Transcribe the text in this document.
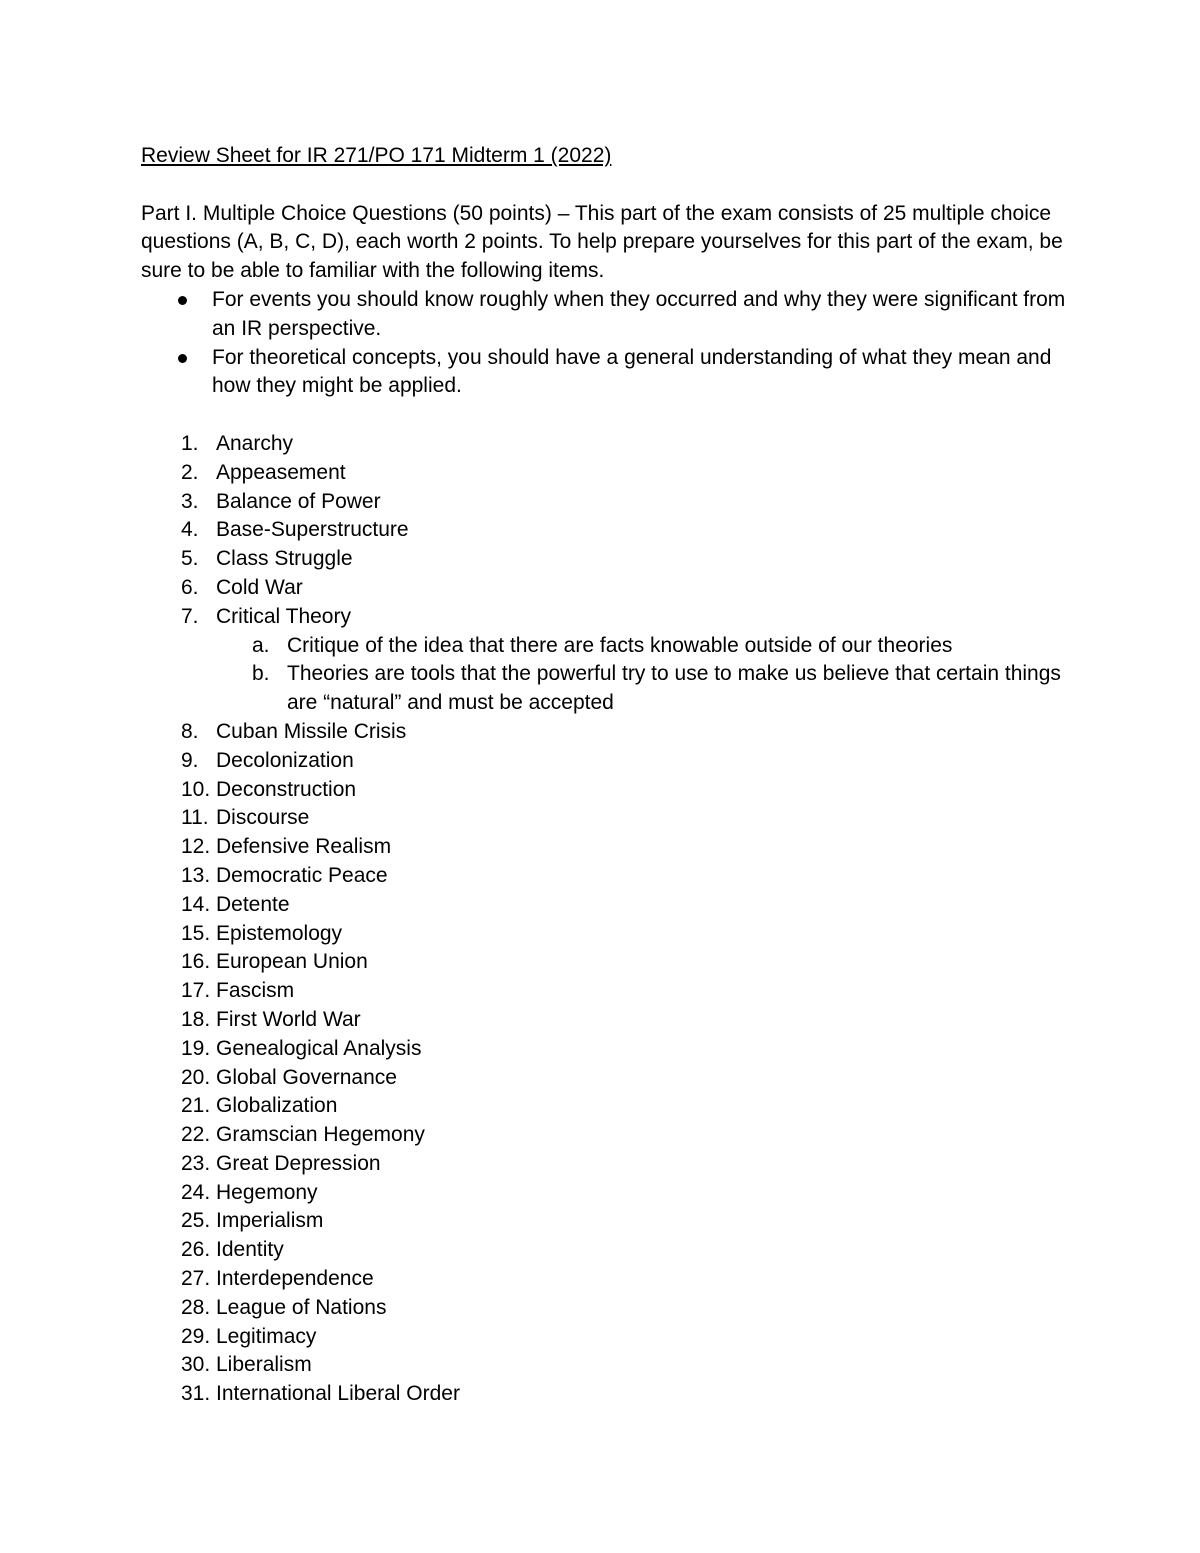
Review Sheet for IR 271/PO 171 Midterm 1 (2022)

Part I. Multiple Choice Questions (50 points) – This part of the exam consists of 25 multiple choice questions (A, B, C, D), each worth 2 points. To help prepare yourselves for this part of the exam, be sure to be able to familiar with the following items.

For events you should know roughly when they occurred and why they were significant from an IR perspective.
For theoretical concepts, you should have a general understanding of what they mean and how they might be applied.
1. Anarchy
2. Appeasement
3. Balance of Power
4. Base-Superstructure
5. Class Struggle
6. Cold War
7. Critical Theory
a. Critique of the idea that there are facts knowable outside of our theories
b. Theories are tools that the powerful try to use to make us believe that certain things are “natural” and must be accepted
8. Cuban Missile Crisis
9. Decolonization
10. Deconstruction
11. Discourse
12. Defensive Realism
13. Democratic Peace
14. Detente
15. Epistemology
16. European Union
17. Fascism
18. First World War
19. Genealogical Analysis
20. Global Governance
21. Globalization
22. Gramscian Hegemony
23. Great Depression
24. Hegemony
25. Imperialism
26. Identity
27. Interdependence
28. League of Nations
29. Legitimacy
30. Liberalism
31. International Liberal Order
